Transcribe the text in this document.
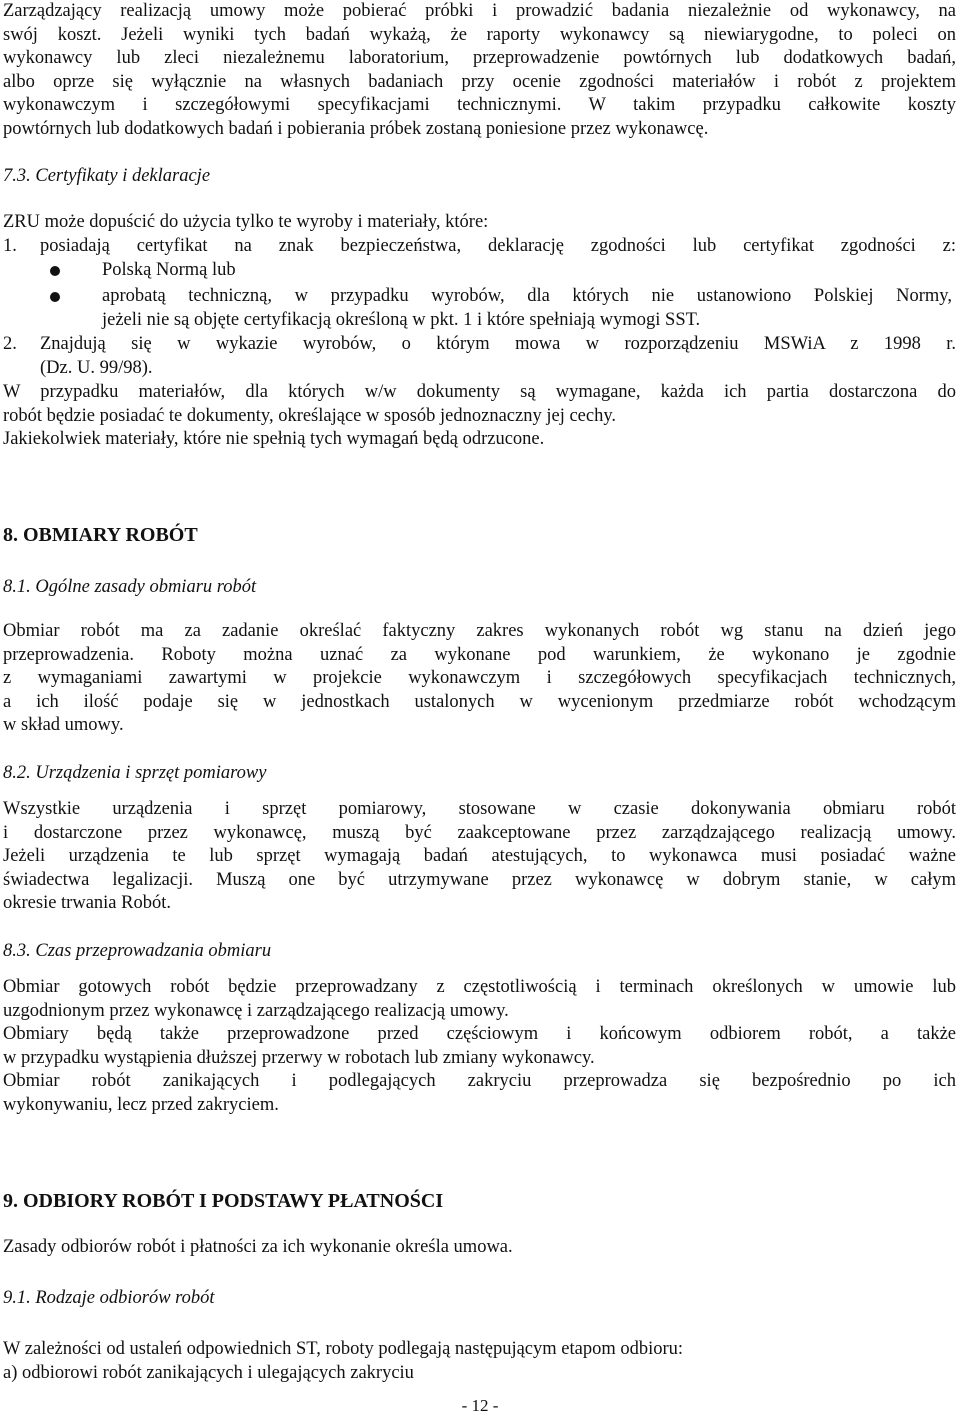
Zarządzający realizacją umowy może pobierać próbki i prowadzić badania niezależnie od wykonawcy, na

swój koszt. Jeżeli wyniki tych badań wykażą, że raporty wykonawcy są niewiarygodne, to poleci on

wykonawcy lub zleci niezależnemu laboratorium, przeprowadzenie powtórnych lub dodatkowych badań,

albo oprze się wyłącznie na własnych badaniach przy ocenie zgodności materiałów i robót z projektem

wykonawczym i szczegółowymi specyfikacjami technicznymi. W takim przypadku całkowite koszty

powtórnych lub dodatkowych badań i pobierania próbek zostaną poniesione przez wykonawcę.

7.3. Certyfikaty i deklaracje

ZRU może dopuścić do użycia tylko te wyroby i materiały, które:

1. posiadają certyfikat na znak bezpieczeństwa, deklarację zgodności lub certyfikat zgodności z:
Polską Normą lub

aprobatą techniczną, w przypadku wyrobów, dla których nie ustanowiono Polskiej Normy,

jeżeli nie są objęte certyfikacją określoną w pkt. 1 i które spełniają wymogi SST.

2. Znajdują się w wykazie wyrobów, o którym mowa w rozporządzeniu MSWiA z 1998 r.

(Dz. U. 99/98).

W przypadku materiałów, dla których w/w dokumenty są wymagane, każda ich partia dostarczona do

robót będzie posiadać te dokumenty, określające w sposób jednoznaczny jej cechy.

Jakiekolwiek materiały, które nie spełnią tych wymagań będą odrzucone.

8. OBMIARY ROBÓT

8.1. Ogólne zasady obmiaru robót

Obmiar robót ma za zadanie określać faktyczny zakres wykonanych robót wg stanu na dzień jego

przeprowadzenia. Roboty można uznać za wykonane pod warunkiem, że wykonano je zgodnie

z wymaganiami zawartymi w projekcie wykonawczym i szczegółowych specyfikacjach technicznych,

a ich ilość podaje się w jednostkach ustalonych w wycenionym przedmiarze robót wchodzącym

w skład umowy.

8.2. Urządzenia i sprzęt pomiarowy

Wszystkie urządzenia i sprzęt pomiarowy, stosowane w czasie dokonywania obmiaru robót

i dostarczone przez wykonawcę, muszą być zaakceptowane przez zarządzającego realizacją umowy.

Jeżeli urządzenia te lub sprzęt wymagają badań atestujących, to wykonawca musi posiadać ważne

świadectwa legalizacji. Muszą one być utrzymywane przez wykonawcę w dobrym stanie, w całym

okresie trwania Robót.

8.3. Czas przeprowadzania obmiaru

Obmiar gotowych robót będzie przeprowadzany z częstotliwością i terminach określonych w umowie lub

uzgodnionym przez wykonawcę i zarządzającego realizacją umowy.

Obmiary będą także przeprowadzone przed częściowym i końcowym odbiorem robót, a także

w przypadku wystąpienia dłuższej przerwy w robotach lub zmiany wykonawcy.

Obmiar robót zanikających i podlegających zakryciu przeprowadza się bezpośrednio po ich

wykonywaniu, lecz przed zakryciem.

9. ODBIORY ROBÓT I PODSTAWY PŁATNOŚCI

Zasady odbiorów robót i płatności za ich wykonanie określa umowa.

9.1. Rodzaje odbiorów robót

W zależności od ustaleń odpowiednich ST, roboty podlegają następującym etapom odbioru:

a) odbiorowi robót zanikających i ulegających zakryciu

- 12 -
